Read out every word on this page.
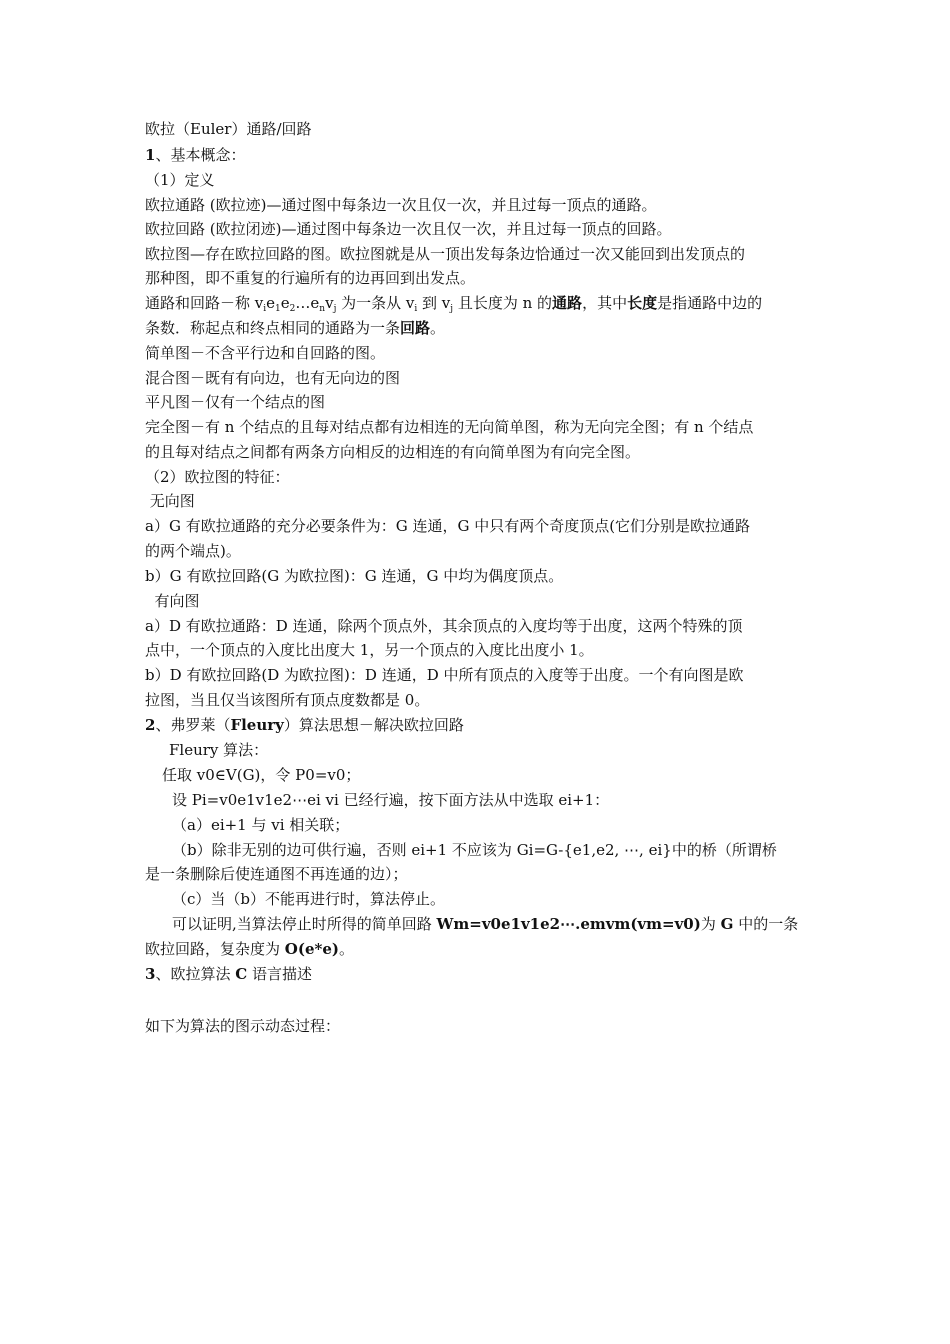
欧拉（Euler）通路/回路
1、基本概念：
（1）定义
欧拉通路 (欧拉迹)—通过图中每条边一次且仅一次，并且过每一顶点的通路。
欧拉回路 (欧拉闭迹)—通过图中每条边一次且仅一次，并且过每一顶点的回路。
欧拉图—存在欧拉回路的图。欧拉图就是从一顶出发每条边恰通过一次又能回到出发顶点的
那种图，即不重复的行遍所有的边再回到出发点。
通路和回路－称 $v_ie_1e_2\dots e_nv_j$ 为一条从 $v_i$ 到 $v_j$ 且长度为 n 的通路，其中长度是指通路中边的
条数．称起点和终点相同的通路为一条回路。
简单图－不含平行边和自回路的图。
混合图－既有有向边，也有无向边的图
平凡图－仅有一个结点的图
完全图－有 n 个结点的且每对结点都有边相连的无向简单图，称为无向完全图；有 n 个结点
的且每对结点之间都有两条方向相反的边相连的有向简单图为有向完全图。
（2）欧拉图的特征：
无向图
a）G 有欧拉通路的充分必要条件为：G 连通，G 中只有两个奇度顶点(它们分别是欧拉通路
的两个端点)。
b）G 有欧拉回路(G 为欧拉图)：G 连通，G 中均为偶度顶点。
有向图
a）D 有欧拉通路：D 连通，除两个顶点外，其余顶点的入度均等于出度，这两个特殊的顶
点中，一个顶点的入度比出度大 1，另一个顶点的入度比出度小 1。
b）D 有欧拉回路(D 为欧拉图)：D 连通，D 中所有顶点的入度等于出度。一个有向图是欧
拉图，当且仅当该图所有顶点度数都是 0。
2、弗罗莱（Fleury）算法思想－解决欧拉回路
Fleury 算法：
任取 v0∈V(G)，令 P0=v0；
设 Pi=v0e1v1e2⋯ei vi 已经行遍，按下面方法从中选取 ei+1：
（a）ei+1 与 vi 相关联；
（b）除非无别的边可供行遍，否则 ei+1 不应该为 Gi=G-{e1,e2, ⋯, ei}中的桥（所谓桥
是一条删除后使连通图不再连通的边）；
（c）当（b）不能再进行时，算法停止。
可以证明,当算法停止时所得的简单回路 Wm=v0e1v1e2⋯.emvm(vm=v0)为 G 中的一条
欧拉回路，复杂度为 O(e*e)。
3、欧拉算法 C 语言描述
如下为算法的图示动态过程：
